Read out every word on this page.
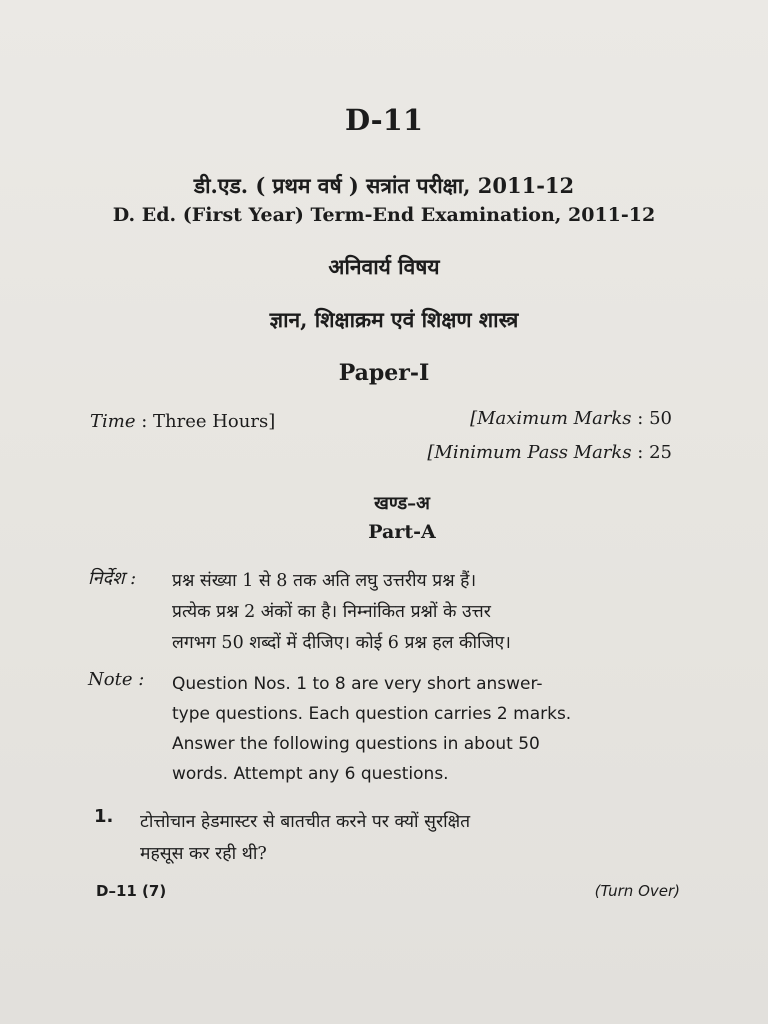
D-11
डी.एड. ( प्रथम वर्ष ) सत्रांत परीक्षा, 2011-12
D. Ed. (First Year) Term-End Examination, 2011-12
अनिवार्य विषय
ज्ञान, शिक्षाक्रम एवं शिक्षण शास्त्र
Paper-I
Time : Three Hours]	[Maximum Marks : 50
[Minimum Pass Marks : 25
खण्ड–अ
Part-A
निर्देश : प्रश्न संख्या 1 से 8 तक अति लघु उत्तरीय प्रश्न हैं।
प्रत्येक प्रश्न 2 अंकों का है। निम्नांकित प्रश्नों के उत्तर
लगभग 50 शब्दों में दीजिए। कोई 6 प्रश्न हल कीजिए।
Note : Question Nos. 1 to 8 are very short answer-
type questions. Each question carries 2 marks.
Answer the following questions in about 50
words. Attempt any 6 questions.
1. टोत्तोचान हेडमास्टर से बातचीत करने पर क्यों सुरक्षित
महसूस कर रही थी?
D–11 (7)	(Turn Over)
